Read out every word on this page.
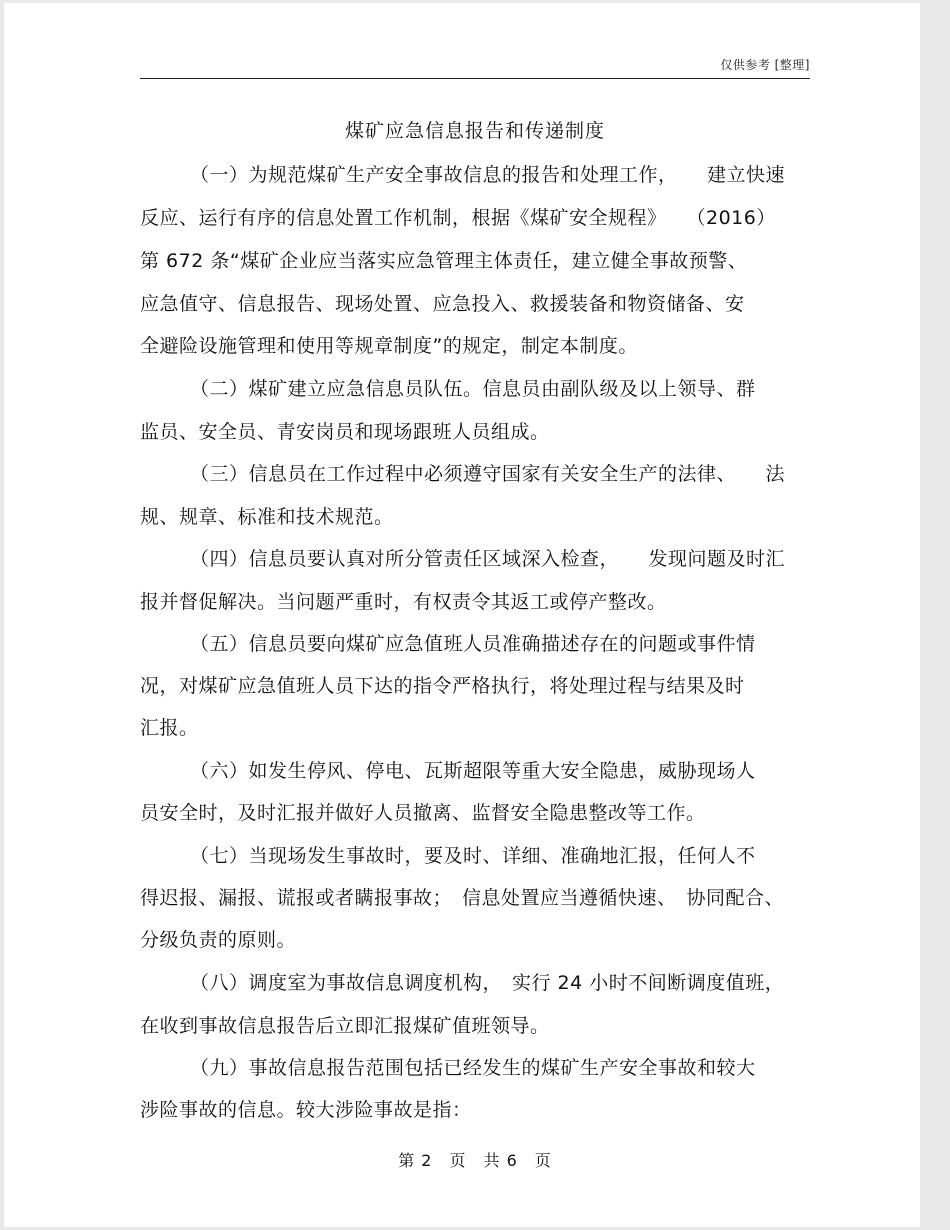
仅供参考 [整理]
煤矿应急信息报告和传递制度
（一）为规范煤矿生产安全事故信息的报告和处理工作，　　建立快速
反应、运行有序的信息处置工作机制，根据《煤矿安全规程》　　（2016）
第 672 条“煤矿企业应当落实应急管理主体责任，建立健全事故预警、
应急值守、信息报告、现场处置、应急投入、救援装备和物资储备、安
全避险设施管理和使用等规章制度”的规定，制定本制度。
（二）煤矿建立应急信息员队伍。信息员由副队级及以上领导、群
监员、安全员、青安岗员和现场跟班人员组成。
（三）信息员在工作过程中必须遵守国家有关安全生产的法律、　　法
规、规章、标准和技术规范。
（四）信息员要认真对所分管责任区域深入检查，　　发现问题及时汇
报并督促解决。当问题严重时，有权责令其返工或停产整改。
（五）信息员要向煤矿应急值班人员准确描述存在的问题或事件情
况，对煤矿应急值班人员下达的指令严格执行，将处理过程与结果及时
汇报。
（六）如发生停风、停电、瓦斯超限等重大安全隐患，威胁现场人
员安全时，及时汇报并做好人员撤离、监督安全隐患整改等工作。
（七）当现场发生事故时，要及时、详细、准确地汇报，任何人不
得迟报、漏报、谎报或者瞒报事故；　信息处置应当遵循快速、　协同配合、
分级负责的原则。
（八）调度室为事故信息调度机构，　实行 24 小时不间断调度值班，
在收到事故信息报告后立即汇报煤矿值班领导。
（九）事故信息报告范围包括已经发生的煤矿生产安全事故和较大
涉险事故的信息。较大涉险事故是指：
第 2　页　共 6　页
